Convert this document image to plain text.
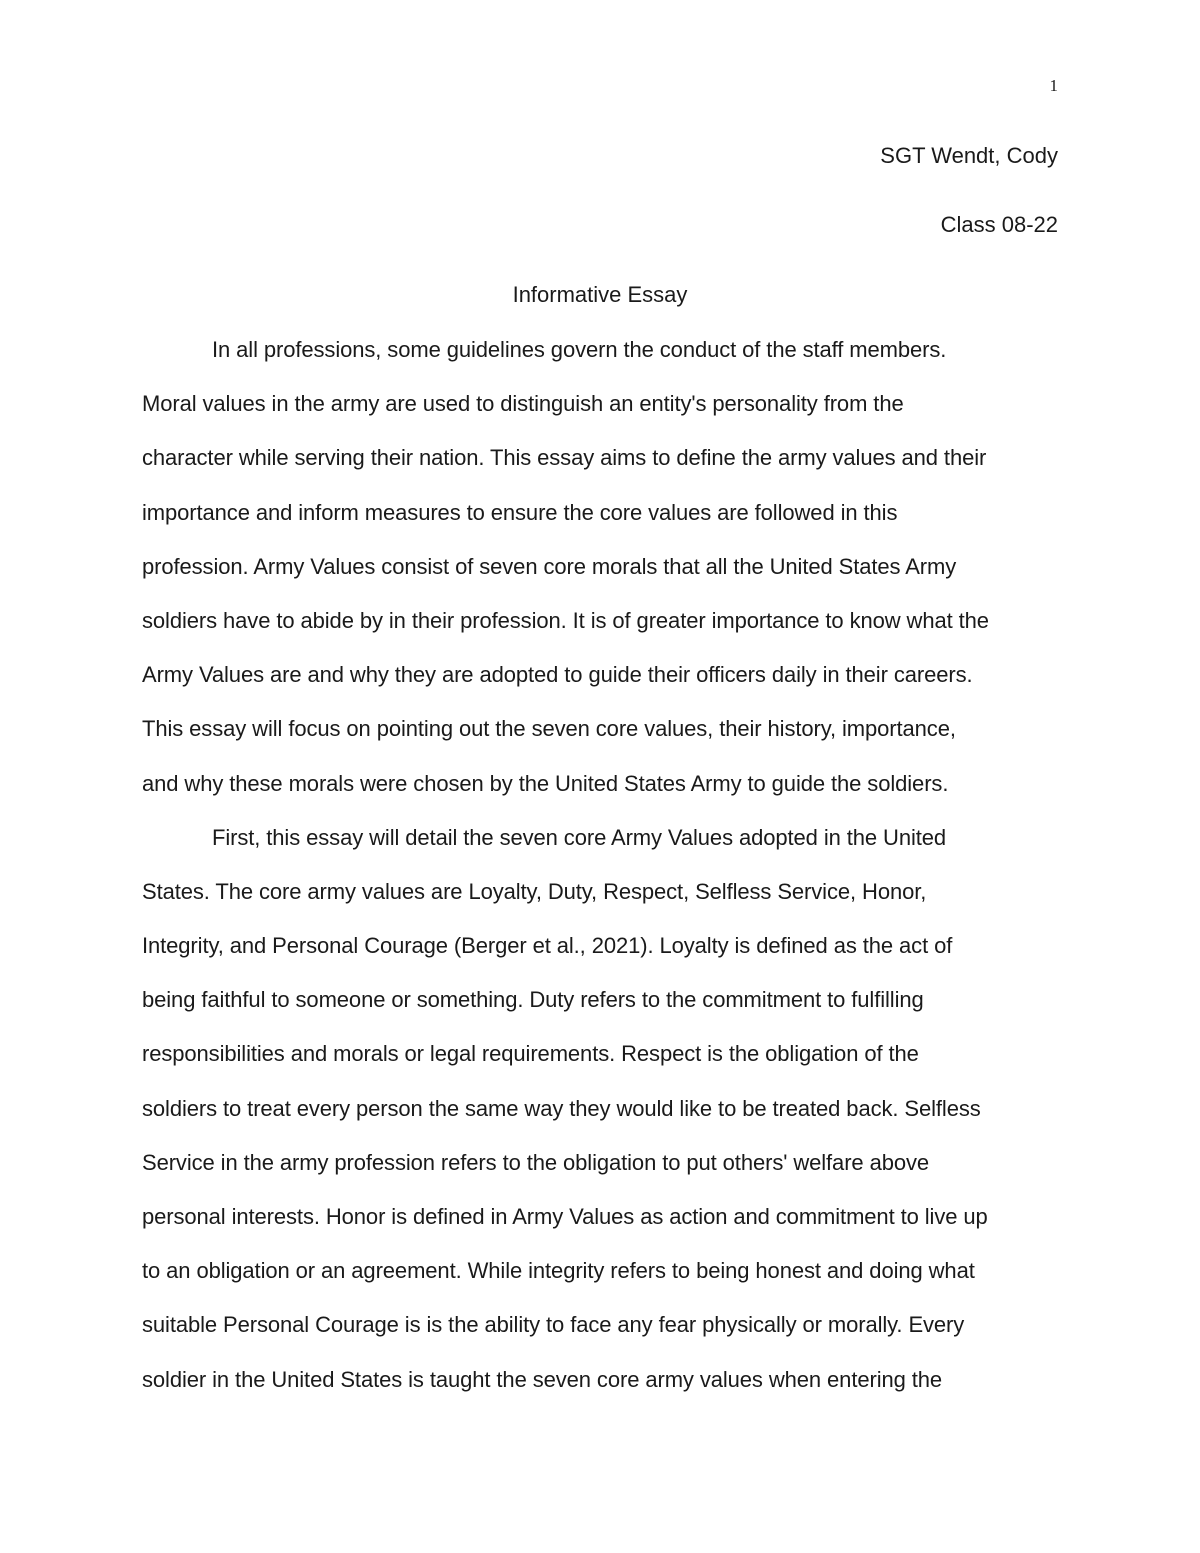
1
SGT Wendt, Cody
Class 08-22
Informative Essay
In all professions, some guidelines govern the conduct of the staff members.
Moral values in the army are used to distinguish an entity's personality from the
character while serving their nation. This essay aims to define the army values and their
importance and inform measures to ensure the core values are followed in this
profession. Army Values consist of seven core morals that all the United States Army
soldiers have to abide by in their profession. It is of greater importance to know what the
Army Values are and why they are adopted to guide their officers daily in their careers.
This essay will focus on pointing out the seven core values, their history, importance,
and why these morals were chosen by the United States Army to guide the soldiers.
First, this essay will detail the seven core Army Values adopted in the United
States. The core army values are Loyalty, Duty, Respect, Selfless Service, Honor,
Integrity, and Personal Courage (Berger et al., 2021). Loyalty is defined as the act of
being faithful to someone or something. Duty refers to the commitment to fulfilling
responsibilities and morals or legal requirements. Respect is the obligation of the
soldiers to treat every person the same way they would like to be treated back. Selfless
Service in the army profession refers to the obligation to put others' welfare above
personal interests. Honor is defined in Army Values as action and commitment to live up
to an obligation or an agreement. While integrity refers to being honest and doing what
suitable Personal Courage is is the ability to face any fear physically or morally. Every
soldier in the United States is taught the seven core army values when entering the
